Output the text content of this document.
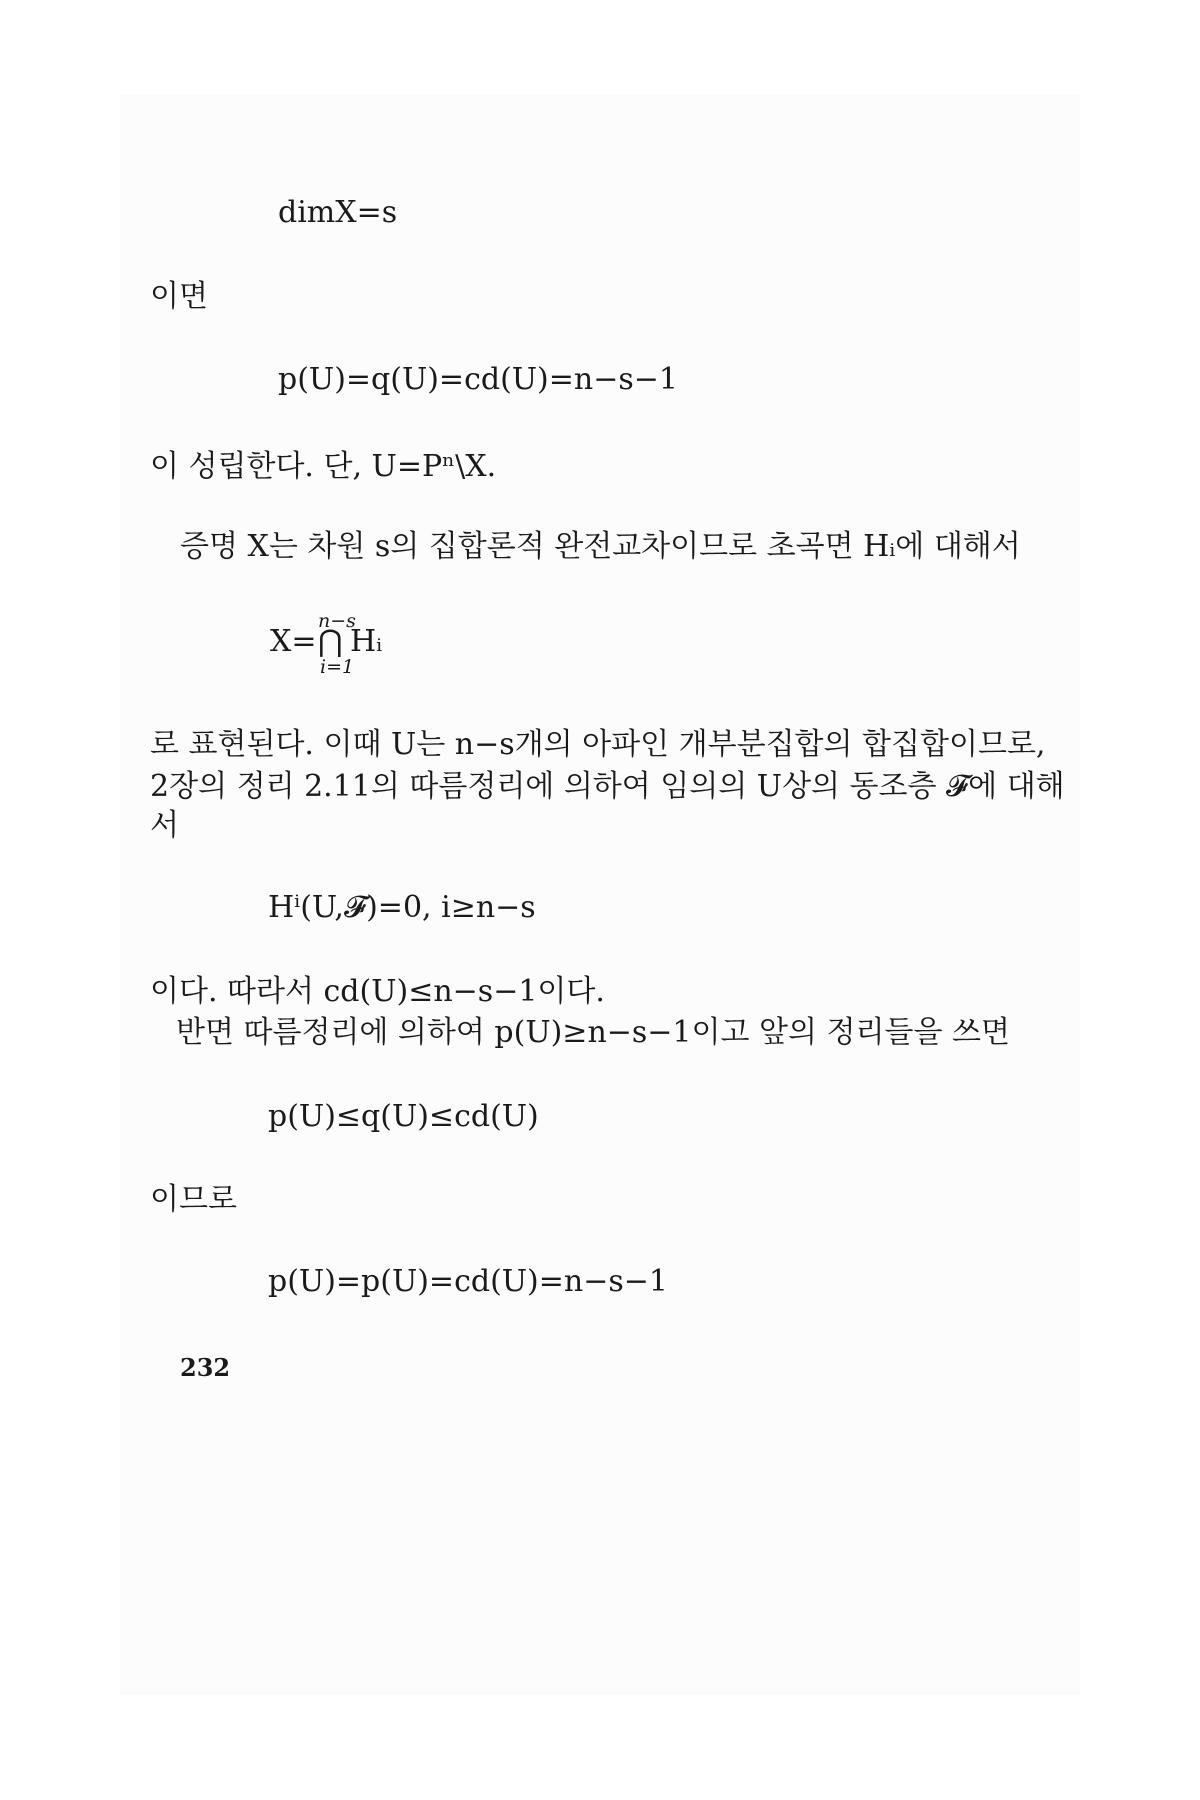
dimX=s
이면
p(U)=q(U)=cd(U)=n−s−1
이 성립한다. 단, U=Pⁿ\X.
증명 X는 차원 s의 집합론적 완전교차이므로 초곡면 Hᵢ에 대해서
X=
n−s
⋂
i=1
Hᵢ
로 표현된다. 이때 U는 n−s개의 아파인 개부분집합의 합집합이므로,
2장의 정리 2.11의 따름정리에 의하여 임의의 U상의 동조층 𝓕에 대해
서
Hⁱ(U,𝓕)=0, i≥n−s
이다. 따라서 cd(U)≤n−s−1이다.
반면 따름정리에 의하여 p(U)≥n−s−1이고 앞의 정리들을 쓰면
p(U)≤q(U)≤cd(U)
이므로
p(U)=p(U)=cd(U)=n−s−1
232
